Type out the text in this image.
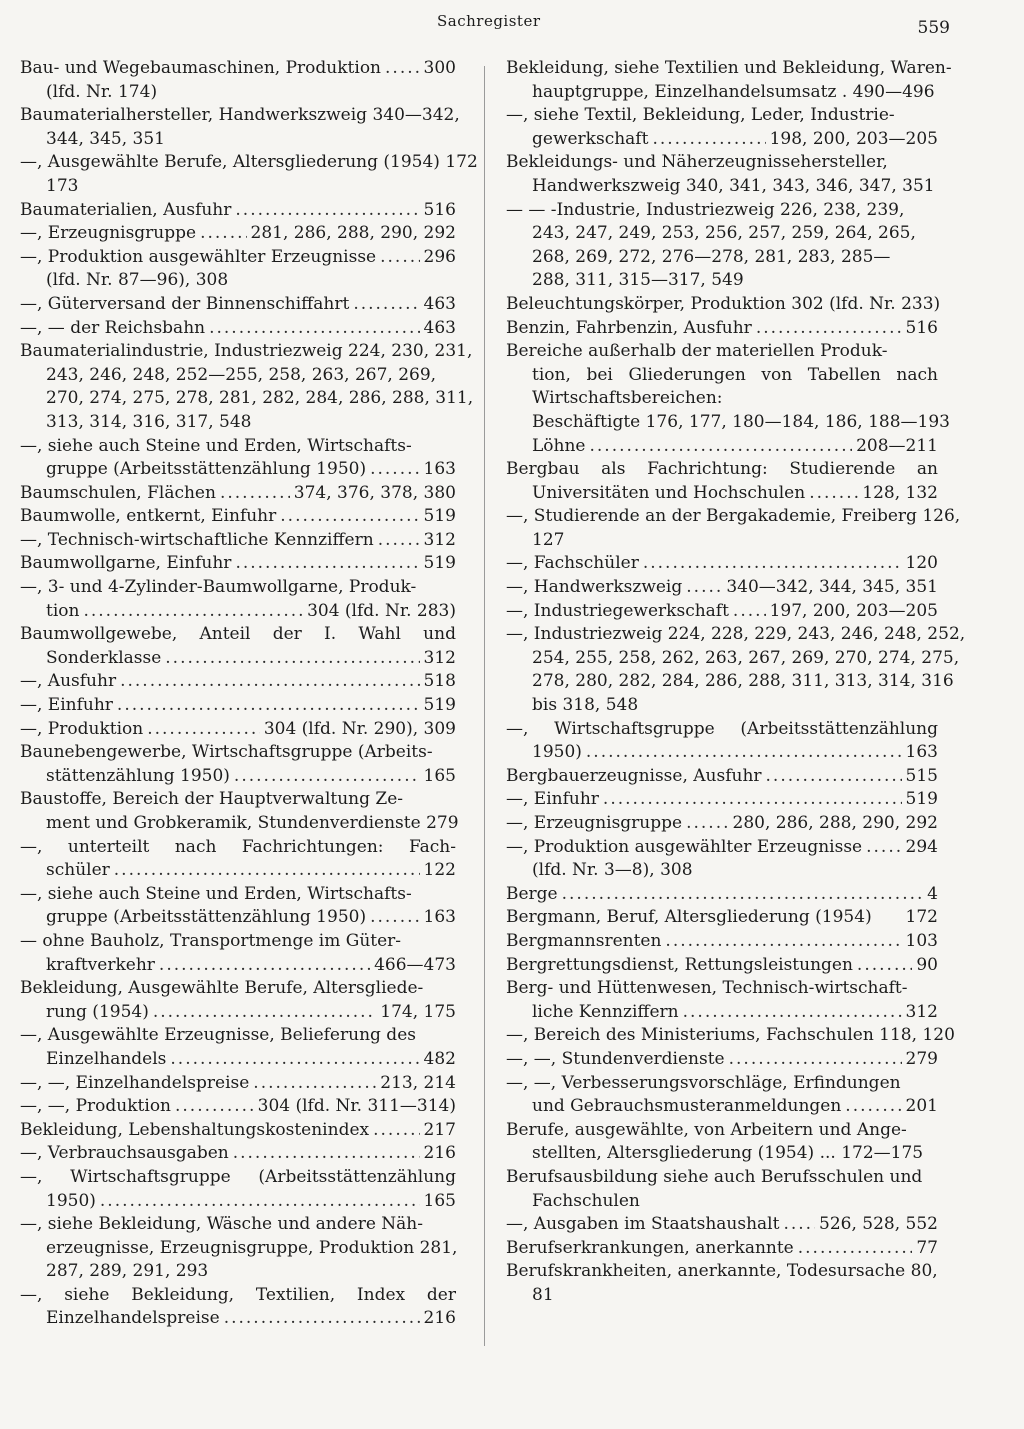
Sachregister	559
Bau- und Wegebaumaschinen, Produktion .....	300
(lfd. Nr. 174)
Baumaterialhersteller, Handwerkszweig 340—342,
344, 345, 351
—, Ausgewählte Berufe, Altersgliederung (1954) 172
173
Baumaterialien, Ausfuhr .....	516
—, Erzeugnisgruppe .....	281, 286, 288, 290, 292
—, Produktion ausgewählter Erzeugnisse .....	296
(lfd. Nr. 87—96), 308
—, Güterversand der Binnenschiffahrt .....	463
—, — der Reichsbahn .....	463
Baumaterialindustrie, Industriezweig 224, 230, 231,
243, 246, 248, 252—255, 258, 263, 267, 269,
270, 274, 275, 278, 281, 282, 284, 286, 288, 311,
313, 314, 316, 317, 548
—, siehe auch Steine und Erden, Wirtschafts-
gruppe (Arbeitsstättenzählung 1950) .....	163
Baumschulen, Flächen .....	374, 376, 378, 380
Baumwolle, entkernt, Einfuhr .....	519
—, Technisch-wirtschaftliche Kennziffern .....	312
Baumwollgarne, Einfuhr .....	519
—, 3- und 4-Zylinder-Baumwollgarne, Produk-
tion .....	304 (lfd. Nr. 283)
Baumwollgewebe, Anteil der I. Wahl und
Sonderklasse .....	312
—, Ausfuhr .....	518
—, Einfuhr .....	519
—, Produktion .....	304 (lfd. Nr. 290), 309
Baunebengewerbe, Wirtschaftsgruppe (Arbeits-
stättenzählung 1950) .....	165
Baustoffe, Bereich der Hauptverwaltung Ze-
ment und Grobkeramik, Stundenverdienste 279
—, unterteilt nach Fachrichtungen: Fach-
schüler .....	122
—, siehe auch Steine und Erden, Wirtschafts-
gruppe (Arbeitsstättenzählung 1950) .....	163
— ohne Bauholz, Transportmenge im Güter-
kraftverkehr .....	466—473
Bekleidung, Ausgewählte Berufe, Altersgliede-
rung (1954) .....	174, 175
—, Ausgewählte Erzeugnisse, Belieferung des
Einzelhandels .....	482
—, —, Einzelhandelspreise .....	213, 214
—, —, Produktion .....	304 (lfd. Nr. 311—314)
Bekleidung, Lebenshaltungskostenindex .....	217
—, Verbrauchsausgaben .....	216
—, Wirtschaftsgruppe (Arbeitsstättenzählung
1950) .....	165
—, siehe Bekleidung, Wäsche und andere Näh-
erzeugnisse, Erzeugnisgruppe, Produktion 281,
287, 289, 291, 293
—, siehe Bekleidung, Textilien, Index der
Einzelhandelspreise .....	216
Bekleidung, siehe Textilien und Bekleidung, Waren-
hauptgruppe, Einzelhandelsumsatz . 490—496
—, siehe Textil, Bekleidung, Leder, Industrie-
gewerkschaft .....	198, 200, 203—205
Bekleidungs- und Näherzeugnissehersteller,
Handwerkszweig 340, 341, 343, 346, 347, 351
— — -Industrie, Industriezweig 226, 238, 239,
243, 247, 249, 253, 256, 257, 259, 264, 265,
268, 269, 272, 276—278, 281, 283, 285—
288, 311, 315—317, 549
Beleuchtungskörper, Produktion 302 (lfd. Nr. 233)
Benzin, Fahrbenzin, Ausfuhr .....	516
Bereiche außerhalb der materiellen Produk-
tion, bei Gliederungen von Tabellen nach
Wirtschaftsbereichen:
Beschäftigte 176, 177, 180—184, 186, 188—193
Löhne .....	208—211
Bergbau als Fachrichtung: Studierende an
Universitäten und Hochschulen .....	128, 132
—, Studierende an der Bergakademie, Freiberg 126,
127
—, Fachschüler .....	120
—, Handwerkszweig .....	340—342, 344, 345, 351
—, Industriegewerkschaft ..... 197, 200, 203—205
—, Industriezweig 224, 228, 229, 243, 246, 248, 252,
254, 255, 258, 262, 263, 267, 269, 270, 274, 275,
278, 280, 282, 284, 286, 288, 311, 313, 314, 316
bis 318, 548
—, Wirtschaftsgruppe (Arbeitsstättenzählung
1950) .....	163
Bergbauerzeugnisse, Ausfuhr .....	515
—, Einfuhr .....	519
—, Erzeugnisgruppe .....	280, 286, 288, 290, 292
—, Produktion ausgewählter Erzeugnisse .....	294
(lfd. Nr. 3—8), 308
Berge .....	4
Bergmann, Beruf, Altersgliederung (1954) 172
Bergmannsrenten .....	103
Bergrettungsdienst, Rettungsleistungen .....	90
Berg- und Hüttenwesen, Technisch-wirtschaft-
liche Kennziffern .....	312
—, Bereich des Ministeriums, Fachschulen 118, 120
—, —, Stundenverdienste .....	279
—, —, Verbesserungsvorschläge, Erfindungen
und Gebrauchsmusteranmeldungen .....	201
Berufe, ausgewählte, von Arbeitern und Ange-
stellten, Altersgliederung (1954) ... 172—175
Berufsausbildung siehe auch Berufsschulen und
Fachschulen
—, Ausgaben im Staatshaushalt ..... 526, 528, 552
Berufserkrankungen, anerkannte .....	77
Berufskrankheiten, anerkannte, Todesursache 80,
81
